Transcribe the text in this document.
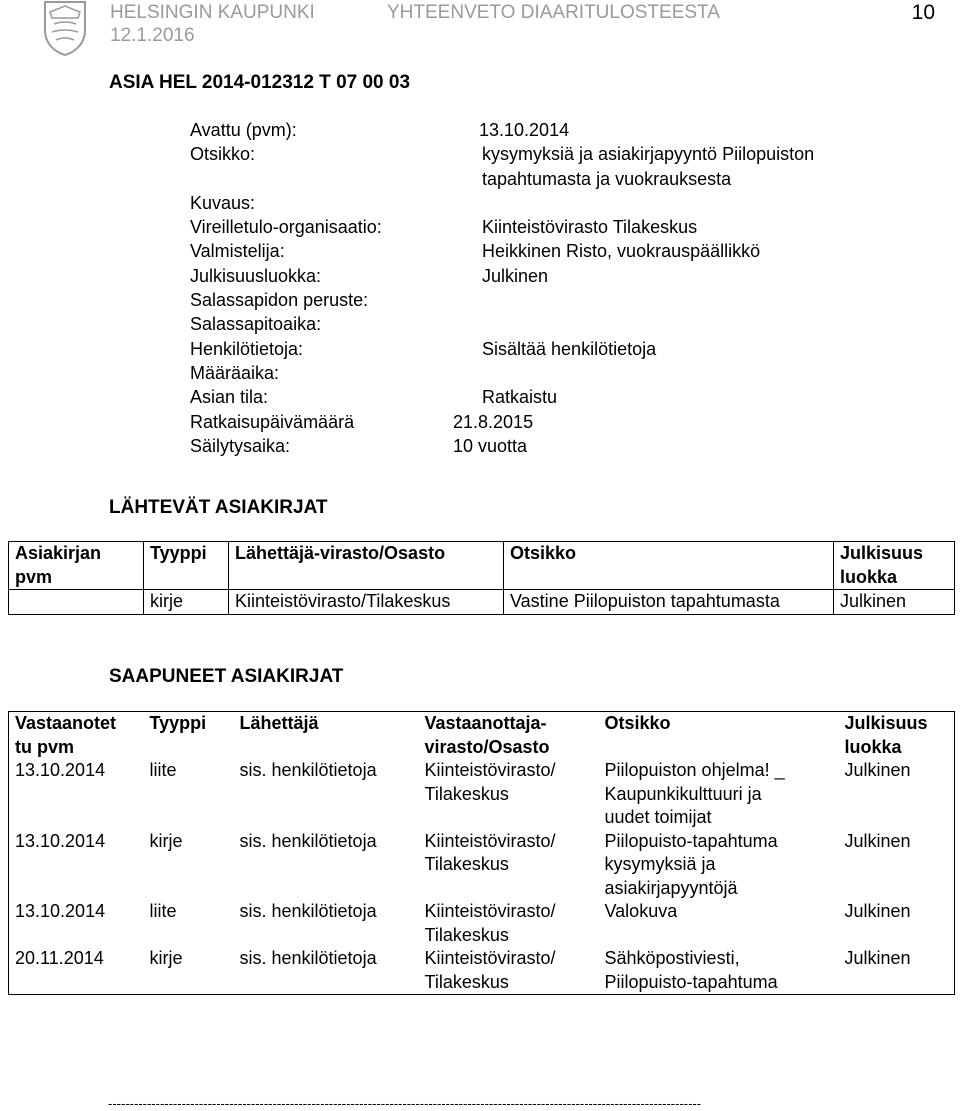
HELSINGIN KAUPUNKI
12.1.2016
YHTEENVETO DIAARITULOSTEESTA	10
ASIA HEL 2014-012312 T 07 00 03
Avattu (pvm):	13.10.2014
Otsikko:	kysymyksiä ja asiakirjapyyntö Piilopuiston

tapahtumasta ja vuokrauksesta
Kuvaus:
Vireilletulo-organisaatio:	Kiinteistövirasto Tilakeskus
Valmistelija:	Heikkinen Risto, vuokrauspäällikkö
Julkisuusluokka:	Julkinen
Salassapidon peruste:
Salassapitoaika:
Henkilötietoja:	Sisältää henkilötietoja
Määräaika:
Asian tila:	Ratkaistu
Ratkaisupäivämäärä	21.8.2015
Säilytysaika:	10 vuotta
LÄHTEVÄT ASIAKIRJAT
Asiakirjan
pvm	Tyyppi	Lähettäjä-virasto/Osasto	Otsikko	Julkisuus
luokka
	kirje	Kiinteistövirasto/Tilakeskus	Vastine Piilopuiston tapahtumasta	Julkinen
SAAPUNEET ASIAKIRJAT
Vastaanotet
tu pvm	Tyyppi	Lähettäjä	Vastaanottaja-
virasto/Osasto	Otsikko	Julkisuus
luokka
13.10.2014	liite	sis. henkilötietoja	Kiinteistövirasto/
Tilakeskus	Piilopuiston ohjelma! _
Kaupunkikulttuuri ja
uudet toimijat	Julkinen
13.10.2014	kirje	sis. henkilötietoja	Kiinteistövirasto/
Tilakeskus	Piilopuisto-tapahtuma
kysymyksiä ja
asiakirjapyyntöjä	Julkinen
13.10.2014	liite	sis. henkilötietoja	Kiinteistövirasto/
Tilakeskus	Valokuva	Julkinen
20.11.2014	kirje	sis. henkilötietoja	Kiinteistövirasto/
Tilakeskus	Sähköpostiviesti,
Piilopuisto-tapahtuma	Julkinen
-----------------------------------------------------------------------------------------------------------------------------------------
